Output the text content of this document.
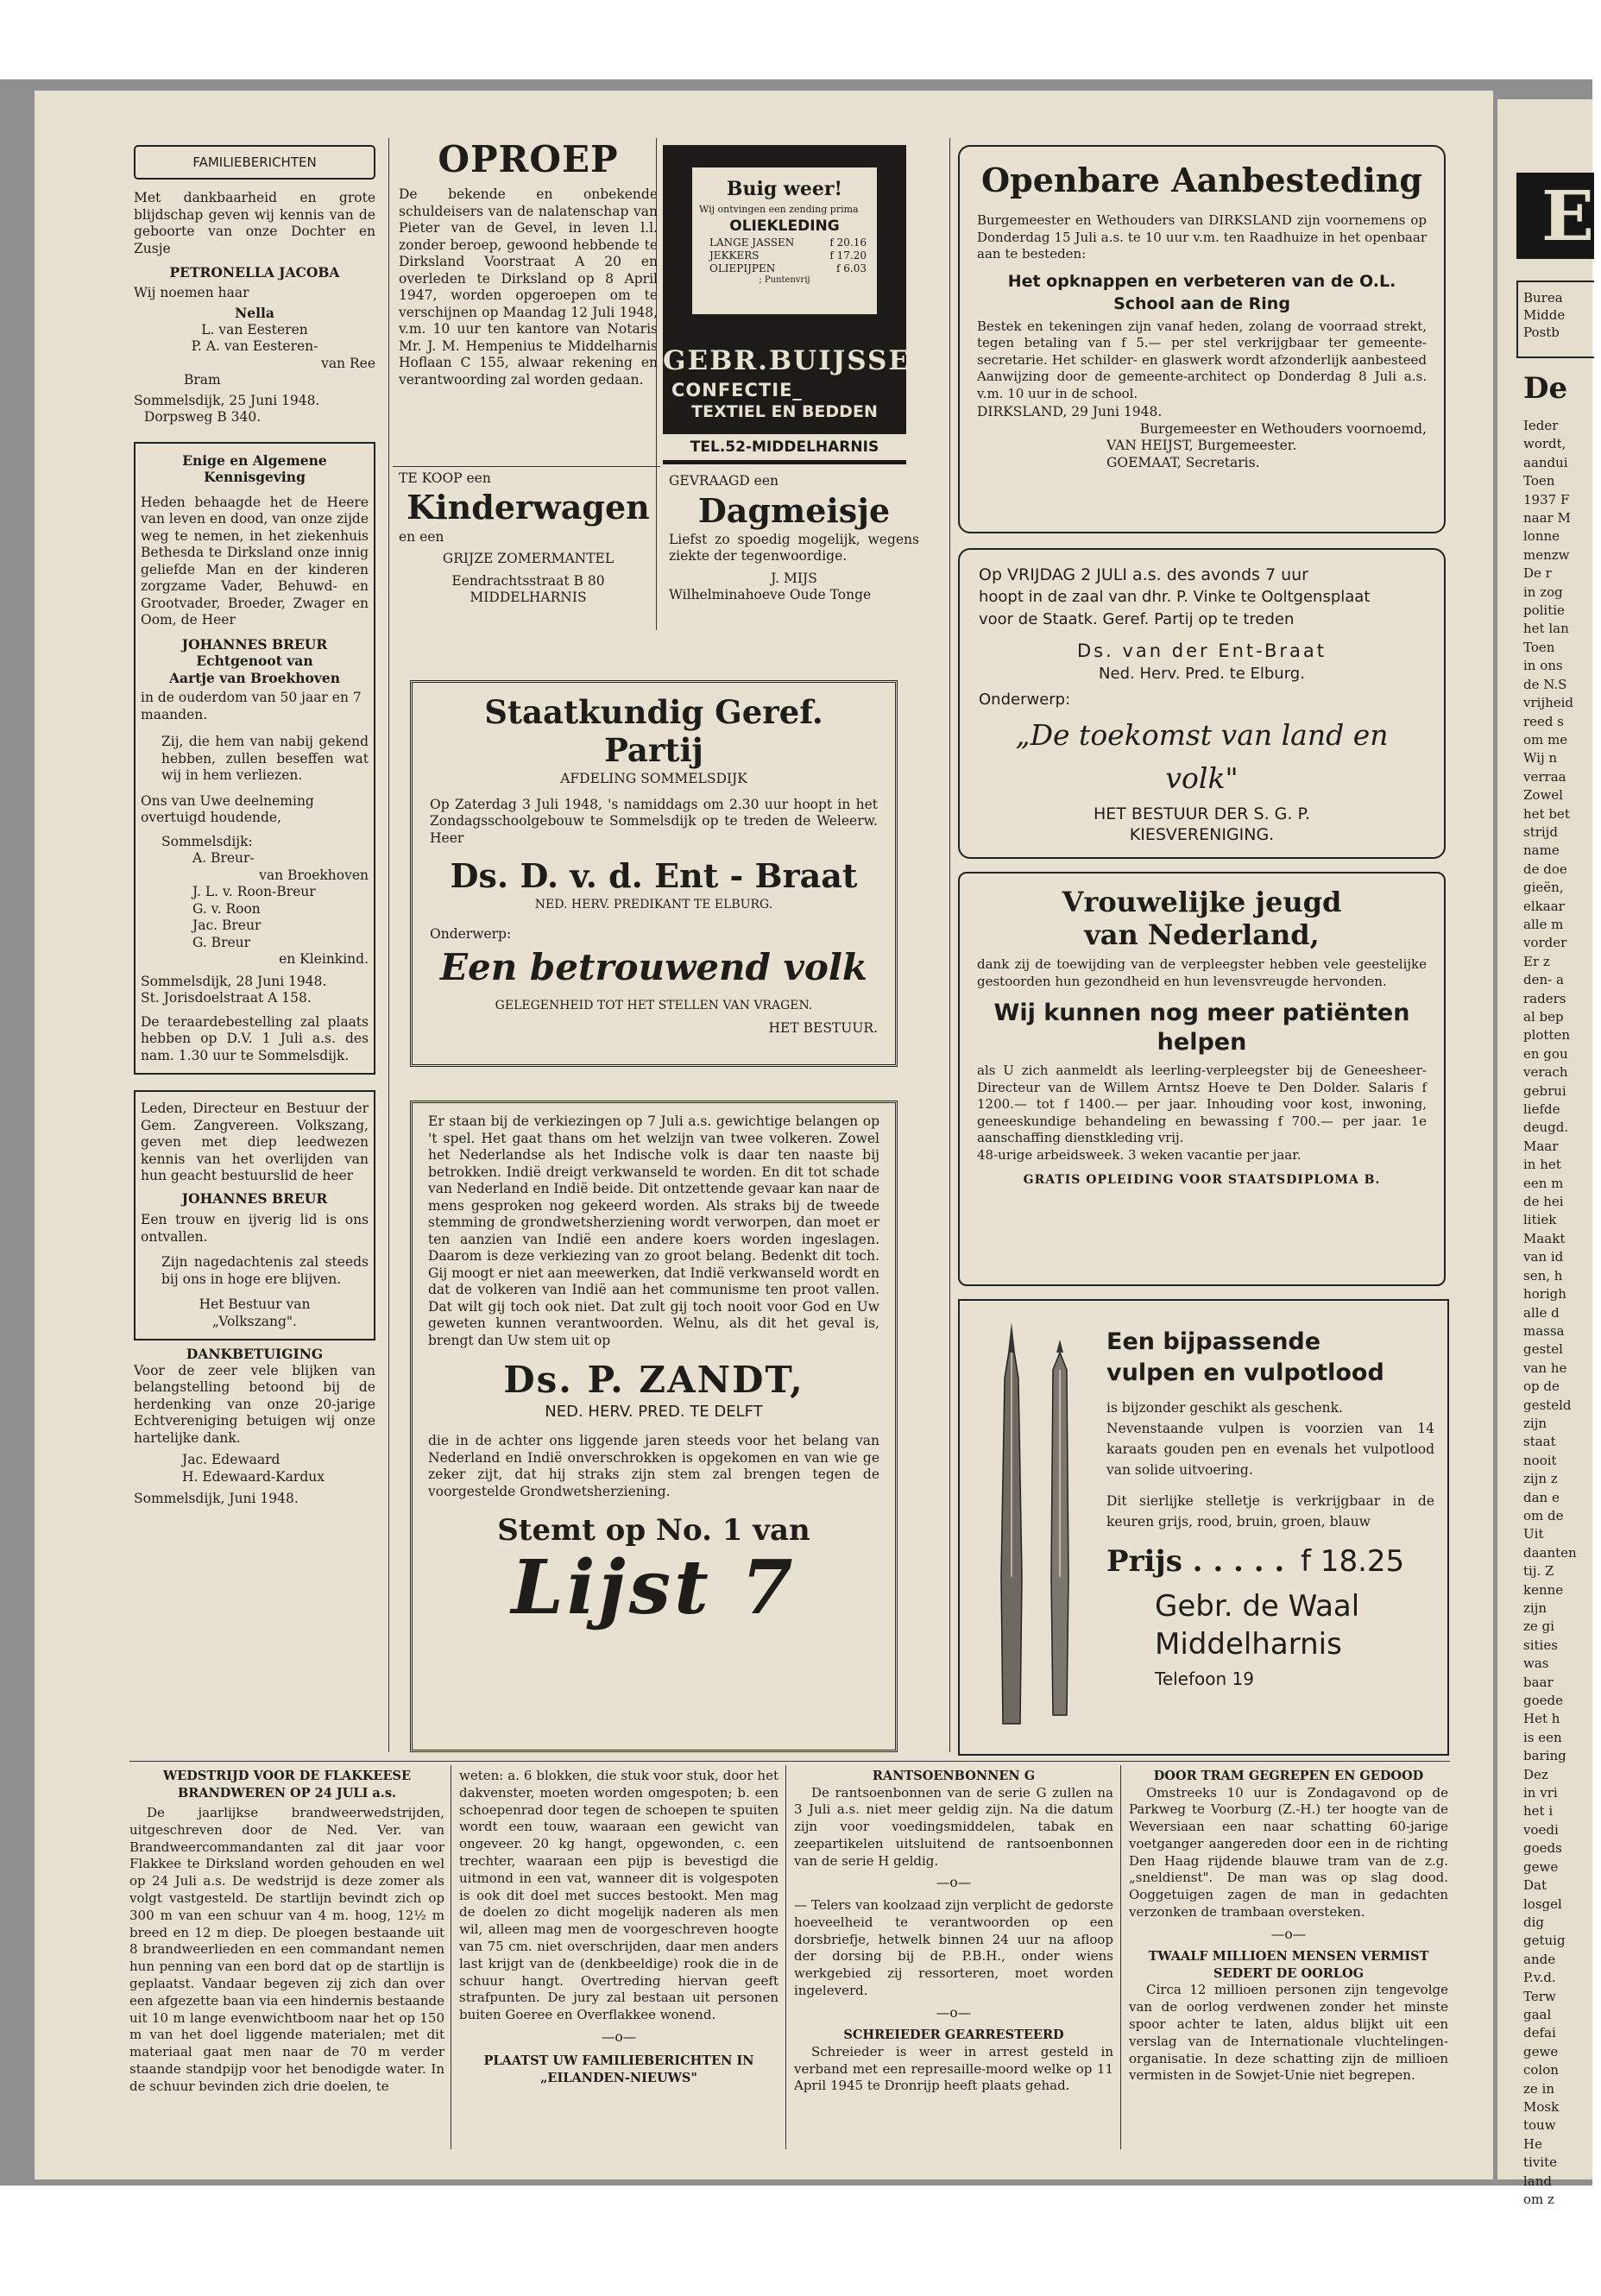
E
Burea
Midde
Postb
De
Ieder
wordt,
aandui
Toen
1937 F
naar M
lonne
menzw
De r
in zog
politie
het lan
Toen
in ons
de N.S
vrijheid
reed s
om me
Wij n
verraa
Zowel
het bet
strijd
name
de doe
gieën,
elkaar
alle m
vorder
Er z
den- a
raders
al bep
plotten
en gou
verach
gebrui
liefde
deugd.
Maar
in het
een m
de hei
litiek
Maakt
van id
sen, h
horigh
alle d
massa
gestel
van he
op de
gesteld
zijn
staat
nooit
zijn z
dan e
om de
Uit
daanten
tij. Z
kenne
zijn
ze gi
sities
was
baar
goede
Het h
is een
baring
Dez
in vri
het i
voedi
goeds
gewe
Dat
losgel
dig
getuig
ande
P.v.d.
Terw
gaal
defai
gewe
colon
ze in
Mosk
touw
He
tivite
land
om z
FAMILIEBERICHTEN
Met dankbaarheid en grote blijdschap geven wij kennis van de geboorte van onze Dochter en Zusje
PETRONELLA JACOBA
Wij noemen haar
Nella
L. van Eesteren
P. A. van Eesteren-
van Ree
Bram
Sommelsdijk, 25 Juni 1948.
Dorpsweg B 340.
Enige en Algemene
Kennisgeving
Heden behaagde het de Heere van leven en dood, van onze zijde weg te nemen, in het ziekenhuis Bethesda te Dirksland onze innig geliefde Man en der kinderen zorgzame Vader, Behuwd- en Grootvader, Broeder, Zwager en Oom, de Heer
JOHANNES BREUR
Echtgenoot van
Aartje van Broekhoven
in de ouderdom van 50 jaar en 7 maanden.
Zij, die hem van nabij gekend hebben, zullen beseffen wat wij in hem verliezen.
Ons van Uwe deelneming overtuigd houdende,
Sommelsdijk:
A. Breur-
van Broekhoven
J. L. v. Roon-Breur
G. v. Roon
Jac. Breur
G. Breur
en Kleinkind.
Sommelsdijk, 28 Juni 1948.
St. Jorisdoelstraat A 158.
De teraardebestelling zal plaats hebben op D.V. 1 Juli a.s. des nam. 1.30 uur te Sommelsdijk.
Leden, Directeur en Bestuur der Gem. Zangvereen. Volkszang, geven met diep leedwezen kennis van het overlijden van hun geacht bestuurslid de heer
JOHANNES BREUR
Een trouw en ijverig lid is ons ontvallen.
Zijn nagedachtenis zal steeds bij ons in hoge ere blijven.
Het Bestuur van
„Volkszang".
DANKBETUIGING
Voor de zeer vele blijken van belangstelling betoond bij de herdenking van onze 20-jarige Echtvereniging betuigen wij onze hartelijke dank.
Jac. Edewaard
H. Edewaard-Kardux
Sommelsdijk, Juni 1948.
OPROEP
De bekende en onbekende schuldeisers van de nalatenschap van Pieter van de Gevel, in leven l.l. zonder beroep, gewoond hebbende te Dirksland Voorstraat A 20 en overleden te Dirksland op 8 April 1947, worden opgeroepen om te verschijnen op Maandag 12 Juli 1948, v.m. 10 uur ten kantore van Notaris Mr. J. M. Hempenius te Middelharnis Hoflaan C 155, alwaar rekening en verantwoording zal worden gedaan.
TE KOOP een
Kinderwagen
en een
GRIJZE ZOMERMANTEL
Eendrachtsstraat B 80
MIDDELHARNIS
Buig weer!
Wij ontvingen een zending prima
OLIEKLEDING
LANGE JASSEN	f 20.16
JEKKERS	f 17.20
OLIEPIJPEN	f 6.03
; Puntenvrij
GEBR.BUIJSSE
CONFECTIE_
TEXTIEL EN BEDDEN
TEL.52-MIDDELHARNIS
GEVRAAGD een
Dagmeisje
Liefst zo spoedig mogelijk, wegens ziekte der tegenwoordige.
J. MIJS
Wilhelminahoeve Oude Tonge
Staatkundig Geref. Partij
AFDELING SOMMELSDIJK
Op Zaterdag 3 Juli 1948, 's namiddags om 2.30 uur hoopt in het Zondagsschoolgebouw te Sommelsdijk op te treden de Weleerw. Heer
Ds. D. v. d. Ent - Braat
NED. HERV. PREDIKANT TE ELBURG.
Onderwerp:
Een betrouwend volk
GELEGENHEID TOT HET STELLEN VAN VRAGEN.
HET BESTUUR.
Er staan bij de verkiezingen op 7 Juli a.s. gewichtige belangen op 't spel. Het gaat thans om het welzijn van twee volkeren. Zowel het Nederlandse als het Indische volk is daar ten naaste bij betrokken. Indië dreigt verkwanseld te worden. En dit tot schade van Nederland en Indië beide. Dit ontzettende gevaar kan naar de mens gesproken nog gekeerd worden. Als straks bij de tweede stemming de grondwetsherziening wordt verworpen, dan moet er ten aanzien van Indië een andere koers worden ingeslagen. Daarom is deze verkiezing van zo groot belang. Bedenkt dit toch. Gij moogt er niet aan meewerken, dat Indië verkwanseld wordt en dat de volkeren van Indië aan het communisme ten proot vallen. Dat wilt gij toch ook niet. Dat zult gij toch nooit voor God en Uw geweten kunnen verantwoorden. Welnu, als dit het geval is, brengt dan Uw stem uit op
Ds. P. ZANDT,
NED. HERV. PRED. TE DELFT
die in de achter ons liggende jaren steeds voor het belang van Nederland en Indië onverschrokken is opgekomen en van wie ge zeker zijt, dat hij straks zijn stem zal brengen tegen de voorgestelde Grondwetsherziening.
Stemt op No. 1 van
Lijst 7
Openbare Aanbesteding
Burgemeester en Wethouders van DIRKSLAND zijn voornemens op Donderdag 15 Juli a.s. te 10 uur v.m. ten Raadhuize in het openbaar aan te besteden:
Het opknappen en verbeteren van de O.L. School aan de Ring
Bestek en tekeningen zijn vanaf heden, zolang de voorraad strekt, tegen betaling van f 5.— per stel verkrijgbaar ter gemeente-secretarie. Het schilder- en glaswerk wordt afzonderlijk aanbesteed Aanwijzing door de gemeente-architect op Donderdag 8 Juli a.s. v.m. 10 uur in de school.
DIRKSLAND, 29 Juni 1948.
Burgemeester en Wethouders voornoemd,
VAN HEIJST, Burgemeester.
GOEMAAT, Secretaris.
Op VRIJDAG 2 JULI a.s. des avonds 7 uur
hoopt in de zaal van dhr. P. Vinke te Ooltgensplaat
voor de Staatk. Geref. Partij op te treden
Ds. van der Ent-Braat
Ned. Herv. Pred. te Elburg.
Onderwerp:
„De toekomst van land en volk"
HET BESTUUR DER S. G. P.
KIESVERENIGING.
Vrouwelijke jeugd
van Nederland,
dank zij de toewijding van de verpleegster hebben vele geestelijke gestoorden hun gezondheid en hun levensvreugde hervonden.
Wij kunnen nog meer patiënten helpen
als U zich aanmeldt als leerling-verpleegster bij de Geneesheer-Directeur van de Willem Arntsz Hoeve te Den Dolder. Salaris f 1200.— tot f 1400.— per jaar. Inhouding voor kost, inwoning, geneeskundige behandeling en bewassing f 700.— per jaar. 1e aanschaffing dienstkleding vrij.
48-urige arbeidsweek. 3 weken vacantie per jaar.
GRATIS OPLEIDING VOOR STAATSDIPLOMA B.
Een bijpassende
vulpen en vulpotlood
is bijzonder geschikt als geschenk.
Nevenstaande vulpen is voorzien van 14 karaats gouden pen en evenals het vulpotlood van solide uitvoering.
Dit sierlijke stelletje is verkrijgbaar in de keuren grijs, rood, bruin, groen, blauw
Prijs . . . . . f 18.25
Gebr. de Waal
Middelharnis
Telefoon 19
WEDSTRIJD VOOR DE FLAKKEESE BRANDWEREN OP 24 JULI a.s.
De jaarlijkse brandweerwedstrijden, uitgeschreven door de Ned. Ver. van Brandweercommandanten zal dit jaar voor Flakkee te Dirksland worden gehouden en wel op 24 Juli a.s. De wedstrijd is deze zomer als volgt vastgesteld. De startlijn bevindt zich op 300 m van een schuur van 4 m. hoog, 12½ m breed en 12 m diep. De ploegen bestaande uit 8 brandweerlieden en een commandant nemen hun penning van een bord dat op de startlijn is geplaatst. Vandaar begeven zij zich dan over een afgezette baan via een hindernis bestaande uit 10 m lange evenwichtboom naar het op 150 m van het doel liggende materialen; met dit materiaal gaat men naar de 70 m verder staande standpijp voor het benodigde water. In de schuur bevinden zich drie doelen, te
weten: a. 6 blokken, die stuk voor stuk, door het dakvenster, moeten worden omgespoten; b. een schoepenrad door tegen de schoepen te spuiten wordt een touw, waaraan een gewicht van ongeveer. 20 kg hangt, opgewonden, c. een trechter, waaraan een pijp is bevestigd die uitmond in een vat, wanneer dit is volgespoten is ook dit doel met succes bestookt. Men mag de doelen zo dicht mogelijk naderen als men wil, alleen mag men de voorgeschreven hoogte van 75 cm. niet overschrijden, daar men anders last krijgt van de (denkbeeldige) rook die in de schuur hangt. Overtreding hiervan geeft strafpunten. De jury zal bestaan uit personen buiten Goeree en Overflakkee wonend.
—o—
PLAATST UW FAMILIEBERICHTEN IN „EILANDEN-NIEUWS"
RANTSOENBONNEN G
De rantsoenbonnen van de serie G zullen na 3 Juli a.s. niet meer geldig zijn. Na die datum zijn voor voedingsmiddelen, tabak en zeepartikelen uitsluitend de rantsoenbonnen van de serie H geldig.
—o—
— Telers van koolzaad zijn verplicht de gedorste hoeveelheid te verantwoorden op een dorsbriefje, hetwelk binnen 24 uur na afloop der dorsing bij de P.B.H., onder wiens werkgebied zij ressorteren, moet worden ingeleverd.
—o—
SCHREIEDER GEARRESTEERD
Schreieder is weer in arrest gesteld in verband met een represaille-moord welke op 11 April 1945 te Dronrijp heeft plaats gehad.
DOOR TRAM GEGREPEN EN GEDOOD
Omstreeks 10 uur is Zondagavond op de Parkweg te Voorburg (Z.-H.) ter hoogte van de Weversiaan een naar schatting 60-jarige voetganger aangereden door een in de richting Den Haag rijdende blauwe tram van de z.g. „sneldienst". De man was op slag dood. Ooggetuigen zagen de man in gedachten verzonken de trambaan oversteken.
—o—
TWAALF MILLIOEN MENSEN VERMIST SEDERT DE OORLOG
Circa 12 millioen personen zijn tengevolge van de oorlog verdwenen zonder het minste spoor achter te laten, aldus blijkt uit een verslag van de Internationale vluchtelingen-organisatie. In deze schatting zijn de millioen vermisten in de Sowjet-Unie niet begrepen.
